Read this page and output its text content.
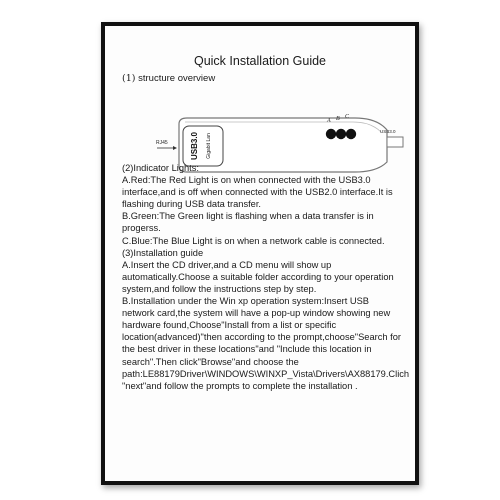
Quick Installation Guide
(1) structure overview
RJ45	USB3.0 Gigabit Lan
A B C
USB3.0

(2)Indicator Lights:

A.Red:The Red Light is on when connected with the USB3.0 interface,and is off when connected with the USB2.0 interface.It is flashing during USB data transfer.

B.Green:The Green light is flashing when a data transfer is in progerss.

C.Blue:The Blue Light is on when a network cable is connected.

(3)Installation guide

A.Insert the CD driver,and a CD menu will show up automatically.Choose a suitable folder according to your operation system,and follow the instructions step by step.

B.Installation under the Win xp operation system:Insert USB network card,the system will have a pop-up window showing new hardware found,Choose"Install from a list or specific location(advanced)"then according to the prompt,choose"Search for the best driver in these locations"and "Include this location in search".Then click"Browse"and choose the path:LE88179Driver\WINDOWS\WINXP_Vista\Drivers\AX88179.Clich "next"and follow the prompts to complete the installation .
